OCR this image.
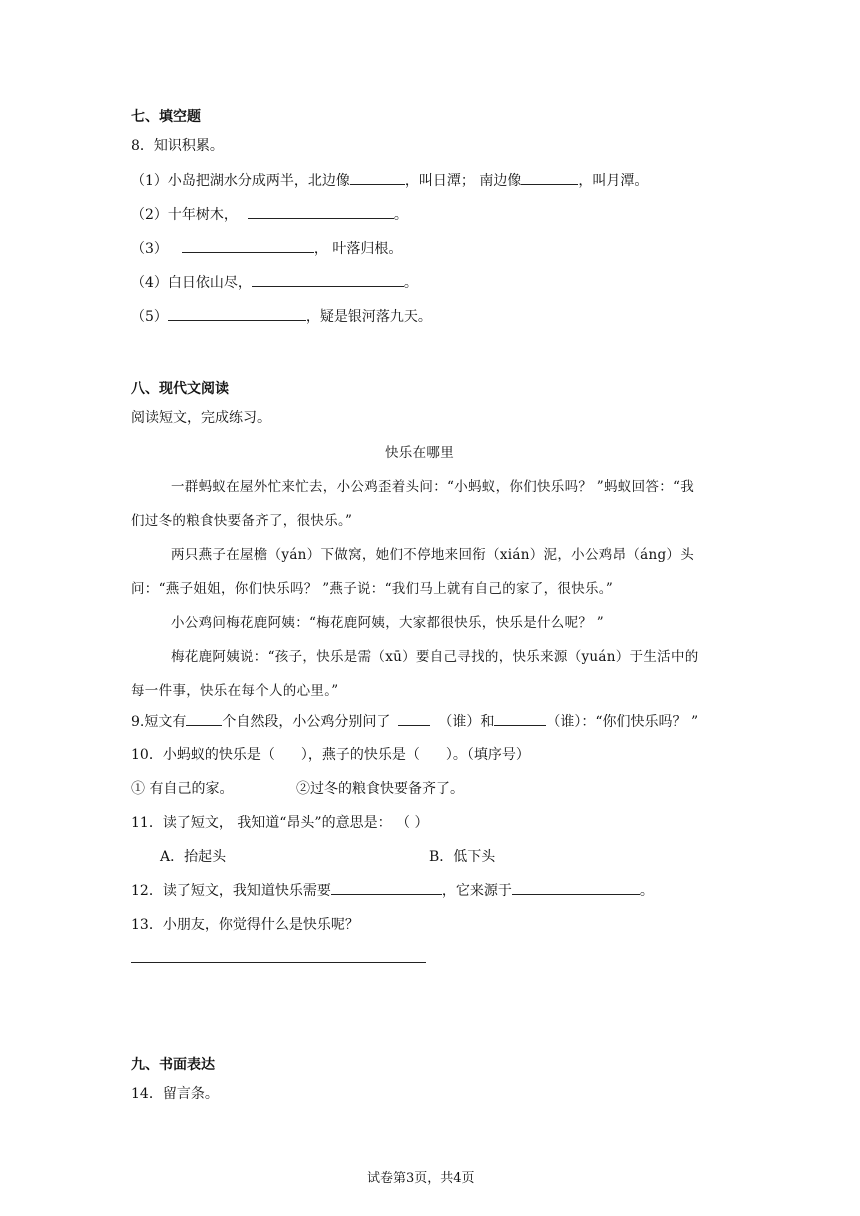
七、填空题
8．知识积累。
（1）小岛把湖水分成两半，北边像	，叫日潭； 南边像	，叫月潭。
（2）十年树木，	。
（3）	， 叶落归根。
（4）白日依山尽，	。
（5）	，疑是银河落九天。
八、现代文阅读
阅读短文，完成练习。
快乐在哪里
一群蚂蚁在屋外忙来忙去，小公鸡歪着头问：“小蚂蚁，你们快乐吗？ ”蚂蚁回答：“我
们过冬的粮食快要备齐了，很快乐。”
两只燕子在屋檐（yán）下做窝，她们不停地来回衔（xián）泥，小公鸡昂（áng）头
问：“燕子姐姐，你们快乐吗？ ”燕子说：“我们马上就有自己的家了，很快乐。”
小公鸡问梅花鹿阿姨：“梅花鹿阿姨，大家都很快乐，快乐是什么呢？ ”
梅花鹿阿姨说：“孩子，快乐是需（xū）要自己寻找的，快乐来源（yuán）于生活中的
每一件事，快乐在每个人的心里。”
9.短文有	个自然段，小公鸡分别问了	（谁）和	（谁）：“你们快乐吗？ ”
10．小蚂蚁的快乐是（ ），燕子的快乐是（ ）。（填序号）
① 有自己的家。	②过冬的粮食快要备齐了。
11．读了短文， 我知道“昂头”的意思是： （ ）
A．抬起头	B．低下头
12．读了短文，我知道快乐需要	，它来源于	。
13．小朋友，你觉得什么是快乐呢？
九、书面表达
14．留言条。
试卷第3页，共4页
